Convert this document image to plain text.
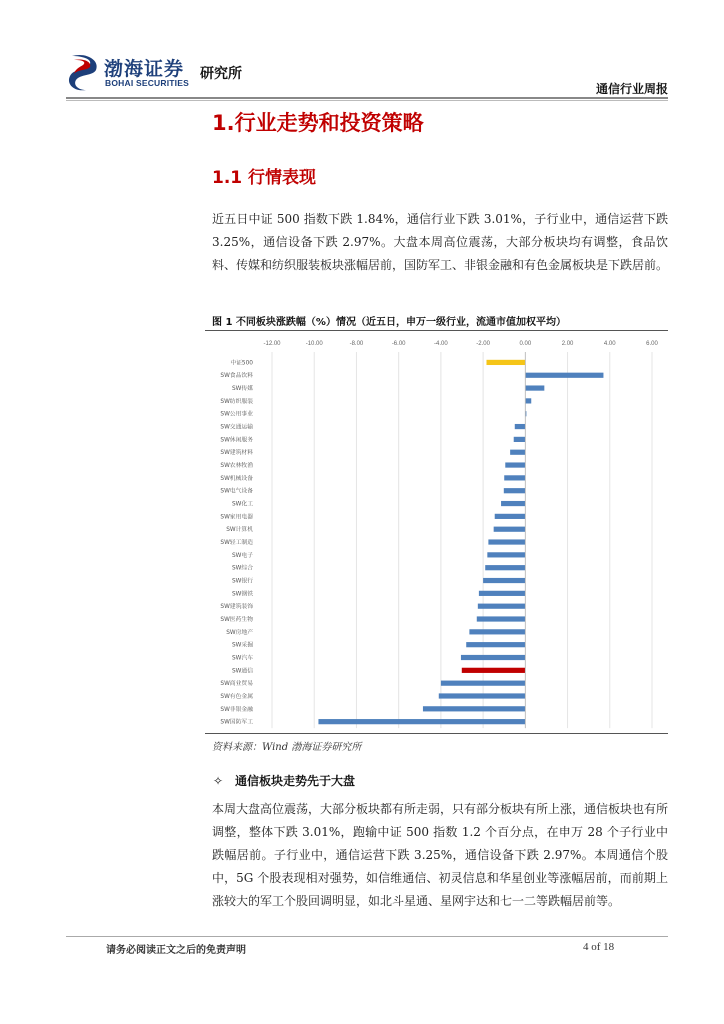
渤海证券
BOHAI SECURITIES
研究所
通信行业周报
1.行业走势和投资策略
1.1 行情表现
近五日中证 500 指数下跌 1.84%，通信行业下跌 3.01%，子行业中，通信运营下跌 3.25%，通信设备下跌 2.97%。大盘本周高位震荡，大部分板块均有调整，食品饮料、传媒和纺织服装板块涨幅居前，国防军工、非银金融和有色金属板块是下跌居前。
图 1 不同板块涨跌幅（%）情况（近五日，申万一级行业，流通市值加权平均）
-12.00	-10.00	-8.00	-6.00	-4.00	-2.00	0.00	2.00	4.00	6.00
中证500
SW食品饮料
SW传媒
SW纺织服装
SW公用事业
SW交通运输
SW休闲服务
SW建筑材料
SW农林牧渔
SW机械设备
SW电气设备
SW化工
SW家用电器
SW计算机
SW轻工制造
SW电子
SW综合
SW银行
SW钢铁
SW建筑装饰
SW医药生物
SW房地产
SW采掘
SW汽车
SW通信
SW商业贸易
SW有色金属
SW非银金融
SW国防军工
资料来源：Wind 渤海证券研究所
✧ 通信板块走势先于大盘
本周大盘高位震荡，大部分板块都有所走弱，只有部分板块有所上涨，通信板块也有所调整，整体下跌 3.01%，跑输中证 500 指数 1.2 个百分点，在申万 28 个子行业中跌幅居前。子行业中，通信运营下跌 3.25%，通信设备下跌 2.97%。本周通信个股中，5G 个股表现相对强势，如信维通信、初灵信息和华星创业等涨幅居前，而前期上涨较大的军工个股回调明显，如北斗星通、星网宇达和七一二等跌幅居前等。
请务必阅读正文之后的免责声明	4 of 18
